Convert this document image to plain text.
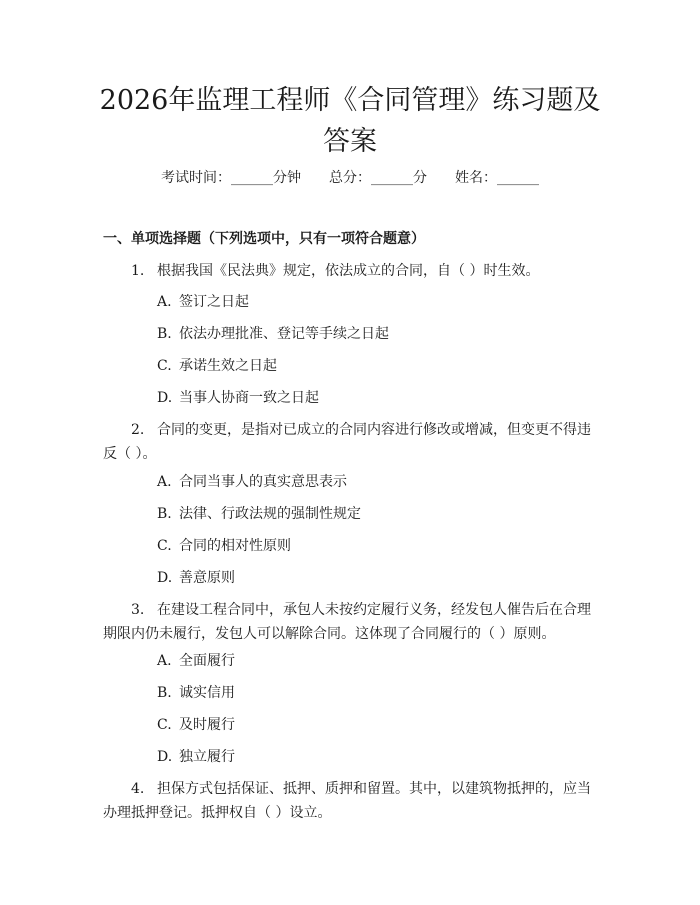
2026年监理工程师《合同管理》练习题及答案
考试时间：______分钟 总分：______分 姓名：______
一、单项选择题（下列选项中，只有一项符合题意）

1. 根据我国《民法典》规定，依法成立的合同，自（ ）时生效。

A. 签订之日起

B. 依法办理批准、登记等手续之日起

C. 承诺生效之日起

D. 当事人协商一致之日起

2. 合同的变更，是指对已成立的合同内容进行修改或增减，但变更不得违反（ ）。

A. 合同当事人的真实意思表示

B. 法律、行政法规的强制性规定

C. 合同的相对性原则

D. 善意原则

3. 在建设工程合同中，承包人未按约定履行义务，经发包人催告后在合理期限内仍未履行，发包人可以解除合同。这体现了合同履行的（ ）原则。

A. 全面履行

B. 诚实信用

C. 及时履行

D. 独立履行

4. 担保方式包括保证、抵押、质押和留置。其中，以建筑物抵押的，应当办理抵押登记。抵押权自（ ）设立。
